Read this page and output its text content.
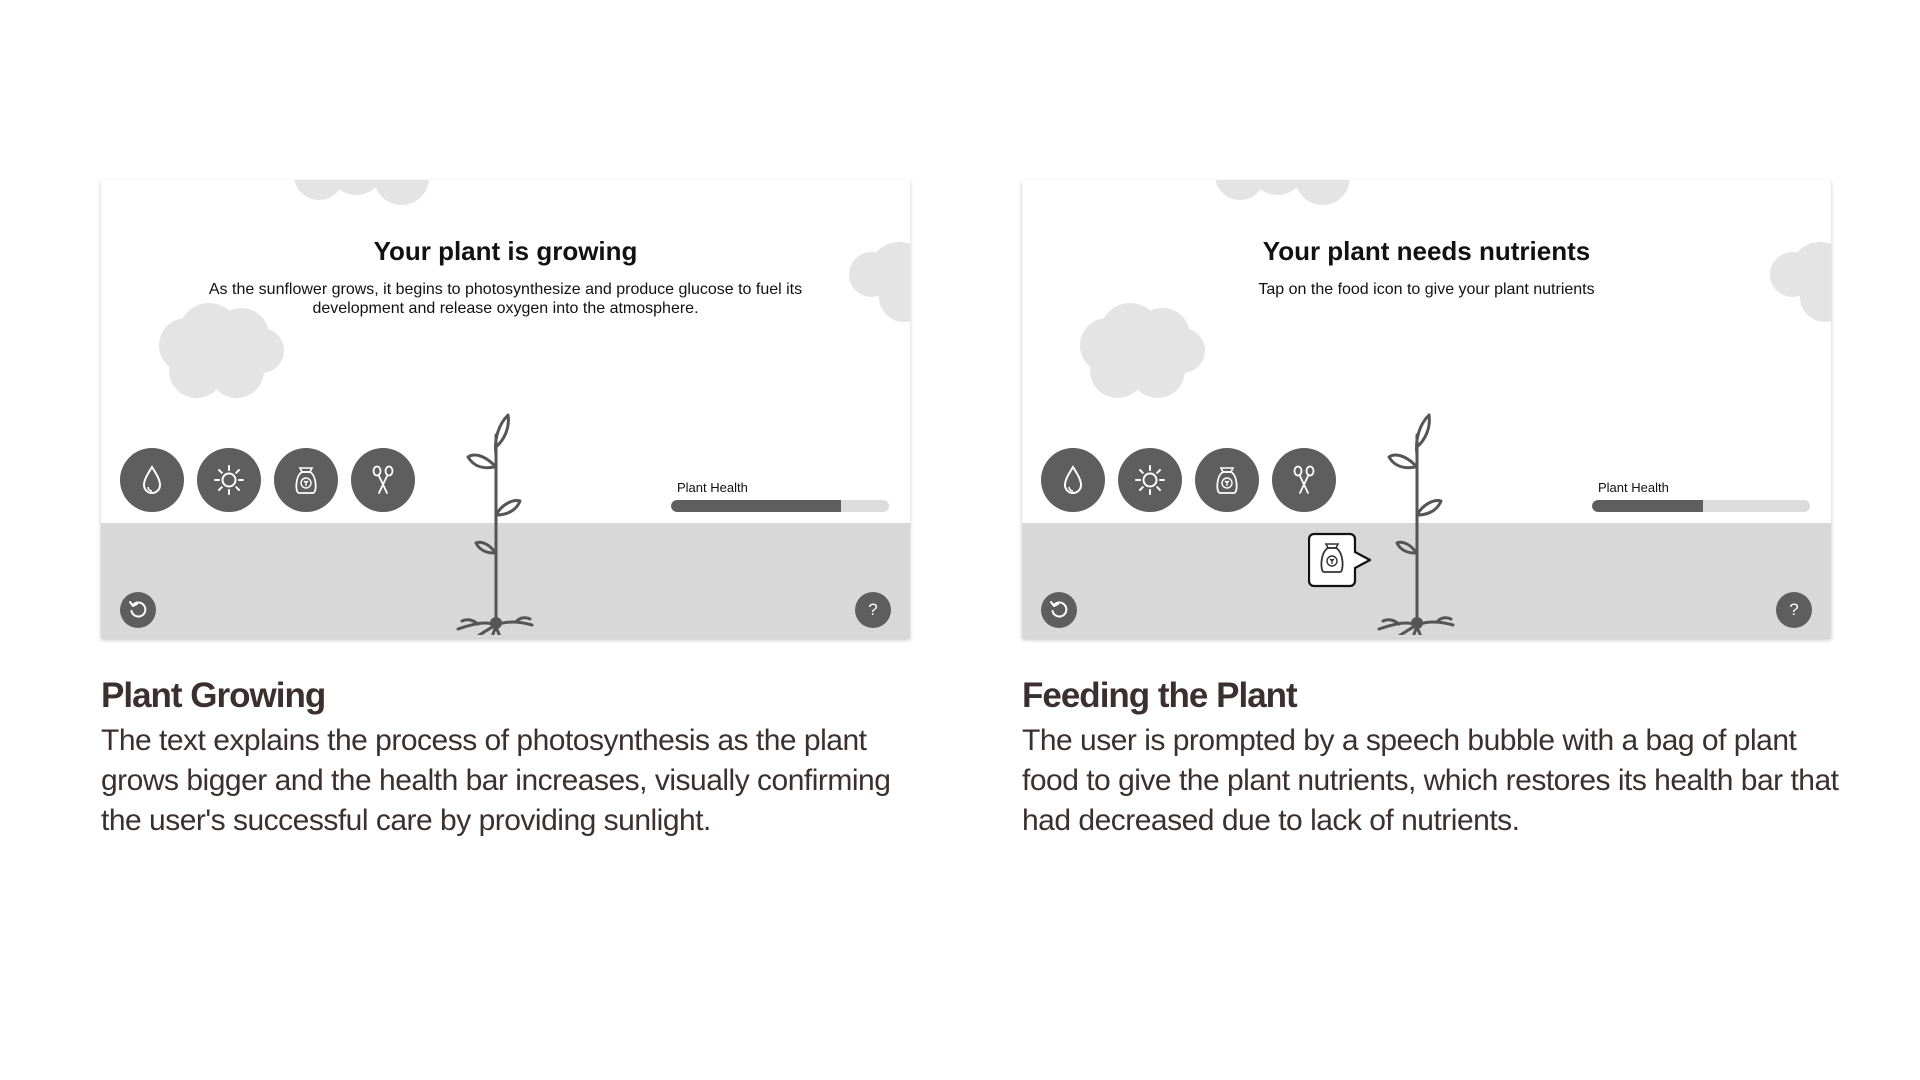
Your plant is growing

As the sunflower grows, it begins to photosynthesize and produce glucose to fuel its development and release oxygen into the atmosphere.

Plant Health
?
Your plant needs nutrients

Tap on the food icon to give your plant nutrients

Plant Health
?
Plant Growing

The text explains the process of photosynthesis as the plant grows bigger and the health bar increases, visually confirming the user's successful care by providing sunlight.

Feeding the Plant

The user is prompted by a speech bubble with a bag of plant food to give the plant nutrients, which restores its health bar that had decreased due to lack of nutrients.
